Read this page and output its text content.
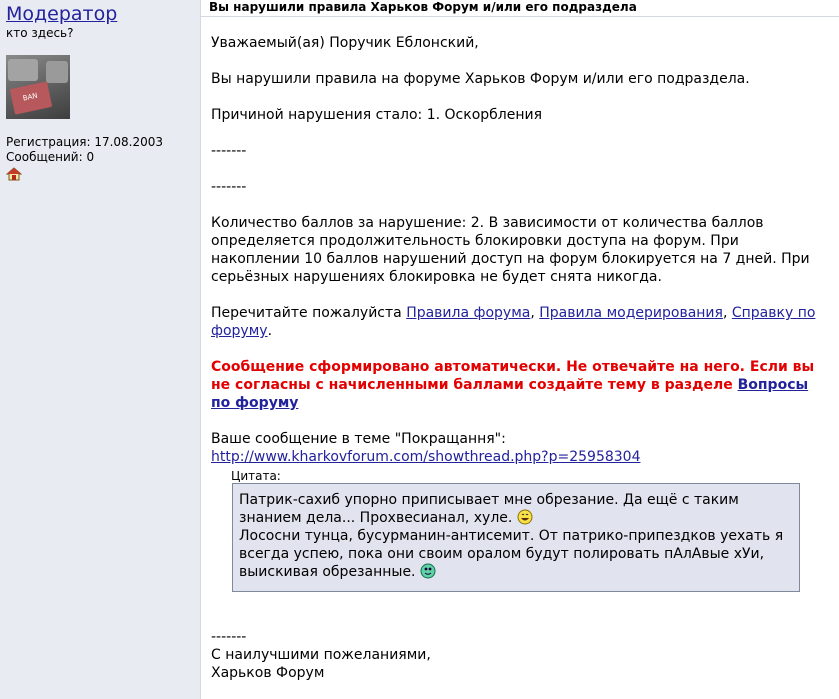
Модератор
кто здесь?
BAN
Регистрация: 17.08.2003
Сообщений: 0
Вы нарушили правила Харьков Форум и/или его подраздела
Уважаемый(ая) Поручик Еблонский,
Вы нарушили правила на форуме Харьков Форум и/или его подраздела.
Причиной нарушения стало: 1. Оскорбления
-------
-------
Количество баллов за нарушение: 2. В зависимости от количества баллов определяется продолжительность блокировки доступа на форум. При накоплении 10 баллов нарушений доступ на форум блокируется на 7 дней. При серьёзных нарушениях блокировка не будет снята никогда.
Перечитайте пожалуйста Правила форума, Правила модерирования, Справку по форуму.
Сообщение сформировано автоматически. Не отвечайте на него. Если вы не согласны с начисленными баллами создайте тему в разделе Вопросы по форуму
Ваше сообщение в теме "Покращання":
http://www.kharkovforum.com/showthread.php?p=25958304
Цитата:
Патрик-сахиб упорно приписывает мне обрезание. Да ещё с таким знанием дела... Прохвесианал, хуле.
Лососни тунца, бусурманин-антисемит. От патрико-припездков уехать я всегда успею, пока они своим оралом будут полировать пАлАвые хУи, выискивая обрезанные.
-------
С наилучшими пожеланиями,
Харьков Форум
